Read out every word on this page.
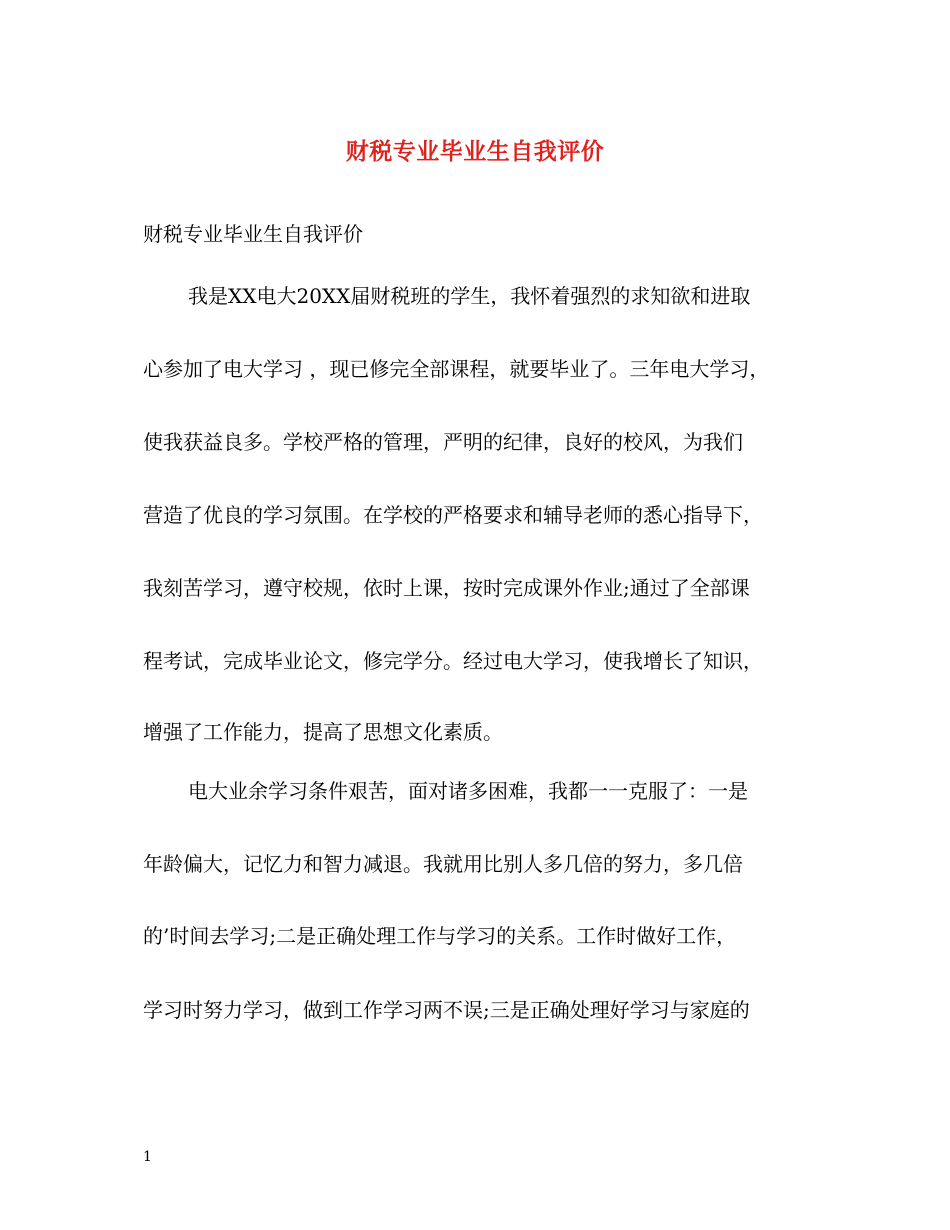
财税专业毕业生自我评价
财税专业毕业生自我评价
我是XX电大20XX届财税班的学生，我怀着强烈的求知欲和进取
心参加了电大学习 ，现已修完全部课程，就要毕业了。三年电大学习，
使我获益良多。学校严格的管理，严明的纪律，良好的校风，为我们
营造了优良的学习氛围。在学校的严格要求和辅导老师的悉心指导下，
我刻苦学习，遵守校规，依时上课，按时完成课外作业;通过了全部课
程考试，完成毕业论文，修完学分。经过电大学习，使我增长了知识，
增强了工作能力，提高了思想文化素质。
电大业余学习条件艰苦，面对诸多困难，我都一一克服了：一是
年龄偏大，记忆力和智力减退。我就用比别人多几倍的努力，多几倍
的’时间去学习;二是正确处理工作与学习的关系。工作时做好工作，
学习时努力学习，做到工作学习两不误;三是正确处理好学习与家庭的
1
